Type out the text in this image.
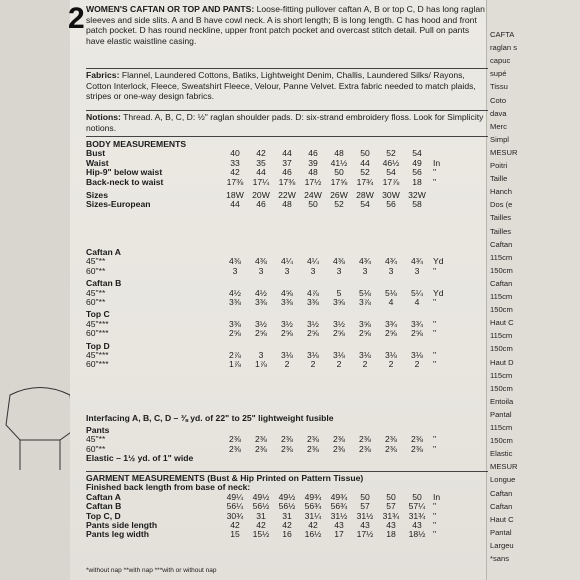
2 WOMEN'S CAFTAN OR TOP AND PANTS: Loose-fitting pullover caftan A, B or top C, D has long raglan sleeves and side slits. A and B have cowl neck. A is short length; B is long length. C has hood and front patch pocket. D has round neckline, upper front patch pocket and overcast stitch detail. Pull on pants have elastic waistline casing.
Fabrics: Flannel, Laundered Cottons, Batiks, Lightweight Denim, Challis, Laundered Silks/ Rayons, Cotton Interlock, Fleece, Sweatshirt Fleece, Velour, Panne Velvet. Extra fabric needed to match plaids, stripes or one-way design fabrics.
Notions: Thread. A, B, C, D: ½" raglan shoulder pads. D: six-strand embroidery floss. Look for Simplicity notions.
BODY MEASUREMENTS									
Bust	40	42	44	46	48	50	52	54	
Waist	33	35	37	39	41½	44	46½	49	In
Hip-9" below waist	42	44	46	48	50	52	54	56	"
Back-neck to waist	17⅜	17¼	17⅜	17½	17⅝	17¾	17⅞	18	"

Sizes	18W	20W	22W	24W	26W	28W	30W	32W	
Sizes-European	44	46	48	50	52	54	56	58	
Caftan A									
45"**	4⅜	4⅜	4¼	4¼	4⅜	4¾	4¾	4¾	Yd
60"**	3	3	3	3	3	3	3	3	"

Caftan B									
45"**	4½	4½	4⅝	4⅞	5	5⅛	5⅛	5¼	Yd
60"**	3⅜	3⅜	3⅜	3⅜	3⅝	3⅞	4	4	"

Top C									
45"***	3⅜	3½	3½	3½	3½	3⅝	3¾	3¾	"
60"***	2⅝	2⅝	2⅝	2⅝	2⅝	2⅝	2⅝	2⅝	"

Top D									
45"***	2⅞	3	3⅛	3⅛	3⅛	3⅛	3⅛	3⅛	"
60"***	1⅞	1⅞	2	2	2	2	2	2	"

Interfacing A, B, C, D – ⅜ yd. of 22" to 25" lightweight fusible
Pants									
45"**	2⅜	2⅜	2⅜	2⅜	2⅜	2⅜	2⅜	2⅜	"
60"**	2⅜	2⅜	2⅜	2⅜	2⅜	2⅜	2⅜	2⅜	"
Elastic – 1½ yd. of 1" wide									
GARMENT MEASUREMENTS (Bust & Hip Printed on Pattern Tissue)									
Finished back length from base of neck:									
Caftan A	49¼	49½	49½	49¾	49¾	50	50	50	In
Caftan B	56¼	56½	56½	56¾	56¾	57	57	57¼	"
Top C, D	30¾	31	31	31¼	31½	31½	31¾	31¾	"
Pants side length	42	42	42	42	43	43	43	43	"
Pants leg width	15	15½	16	16½	17	17½	18	18½	"
*without nap **with nap ***with or without nap
CAFTA
raglan s
capuc
supé
Tissu
Coto
dava
Merc
Simpl
MESUR
Poitri
Taille
Hanch
Dos (e
Tailles
Tailles
Caftan
115cm
150cm
Caftan
115cm
150cm
Haut C
115cm
150cm
Haut D
115cm
150cm
Entoila
Pantal
115cm
150cm
Elastic
MESUR
Longue
Caftan
Caftan
Haut C
Pantal
Largeu
*sans
